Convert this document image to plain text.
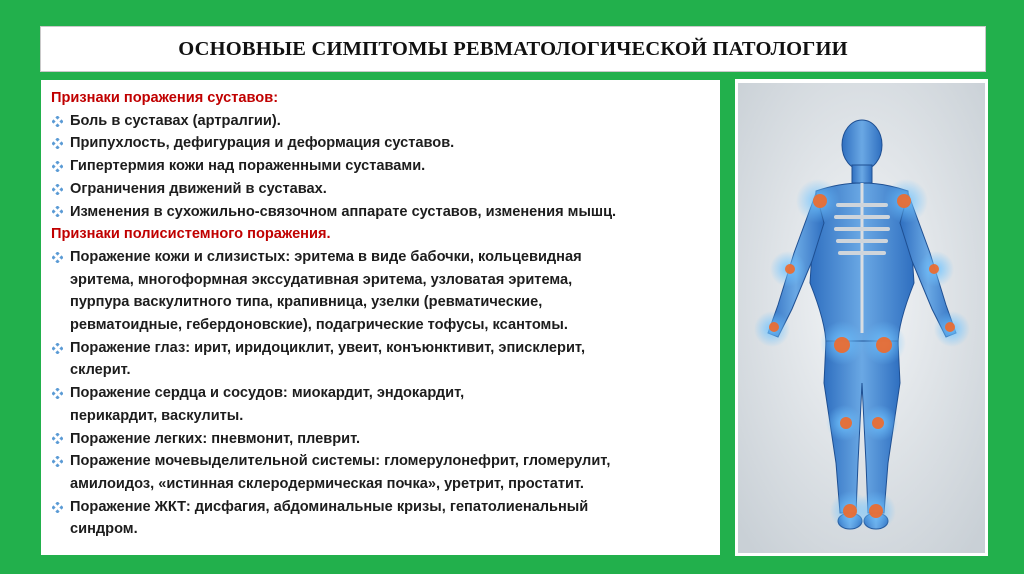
ОСНОВНЫЕ СИМПТОМЫ РЕВМАТОЛОГИЧЕСКОЙ ПАТОЛОГИИ
Признаки поражения суставов:
Боль в суставах (артралгии).
Припухлость, дефигурация и деформация суставов.
Гипертермия кожи над пораженными суставами.
Ограничения движений в суставах.
Изменения в сухожильно-связочном аппарате суставов, изменения мышц.
Признаки полисистемного поражения.
Поражение кожи и слизистых: эритема в виде бабочки, кольцевидная
эритема, многоформная экссудативная эритема, узловатая эритема,
пурпура васкулитного типа, крапивница, узелки (ревматические,
ревматоидные, гебердоновские), подагрические тофусы, ксантомы.
Поражение глаз: ирит, иридоциклит, увеит, конъюнктивит, эписклерит,
склерит.
Поражение сердца и сосудов: миокардит, эндокардит,
перикардит, васкулиты.
Поражение легких: пневмонит, плеврит.
Поражение мочевыделительной системы: гломерулонефрит, гломерулит,
амилоидоз, «истинная склеродермическая почка», уретрит, простатит.
Поражение ЖКТ: дисфагия, абдоминальные кризы, гепатолиенальный
синдром.
